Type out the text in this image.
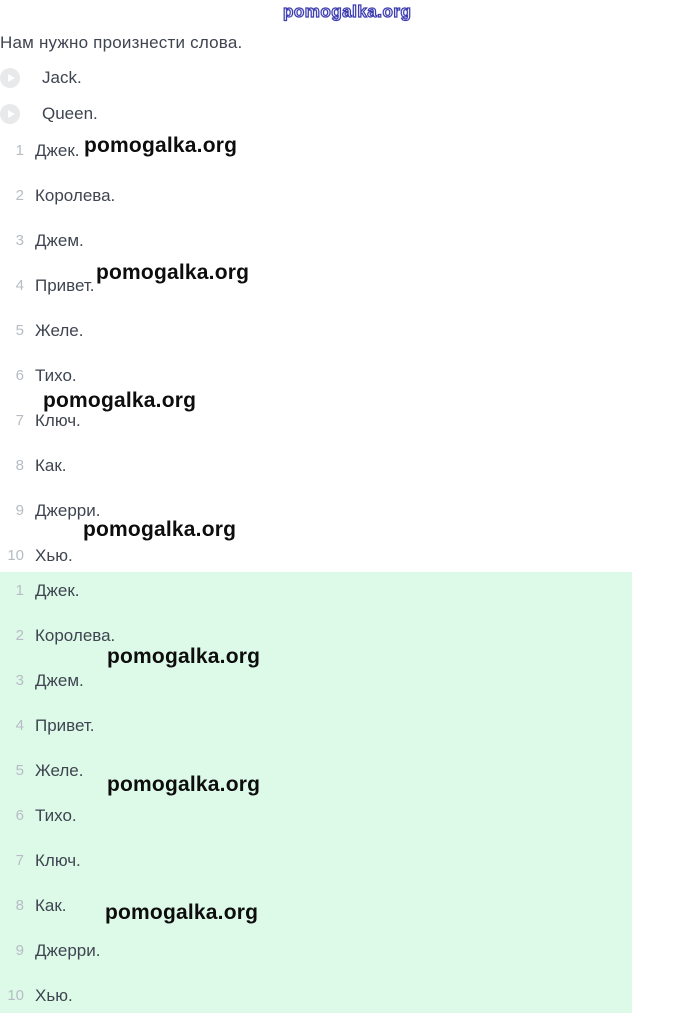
pomogalka.org

Нам нужно произнести слова.

Jack.
Queen.
1 Джек.
2 Королева.
3 Джем.
4 Привет.
5 Желе.
6 Тихо.
7 Ключ.
8 Как.
9 Джерри.
10 Хью.
1 Джек.
2 Королева.
3 Джем.
4 Привет.
5 Желе.
6 Тихо.
7 Ключ.
8 Как.
9 Джерри.
10 Хью.
pomogalka.org
pomogalka.org
pomogalka.org
pomogalka.org
pomogalka.org
pomogalka.org
pomogalka.org
